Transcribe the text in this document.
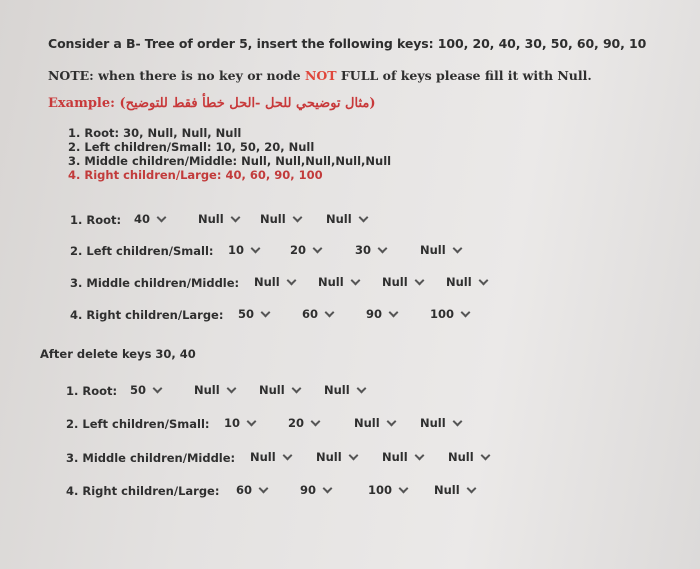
Consider a B- Tree of order 5, insert the following keys: 100, 20, 40, 30, 50, 60, 90, 10
NOTE: when there is no key or node NOT FULL of keys please fill it with Null.
Example: (مثال توضيحي للحل -الحل خطأ فقط للتوضيح)
1. Root: 30, Null, Null, Null
2. Left children/Small: 10, 50, 20, Null
3. Middle children/Middle: Null, Null,Null,Null,Null
4. Right children/Large: 40, 60, 90, 100
1. Root: 40	Null	Null	Null
2. Left children/Small: 10	20	30	Null
3. Middle children/Middle: Null	Null	Null	Null
4. Right children/Large: 50	60	90	100
After delete keys 30, 40
1. Root: 50	Null	Null	Null
2. Left children/Small: 10	20	Null	Null
3. Middle children/Middle: Null	Null	Null	Null
4. Right children/Large: 60	90	100	Null
